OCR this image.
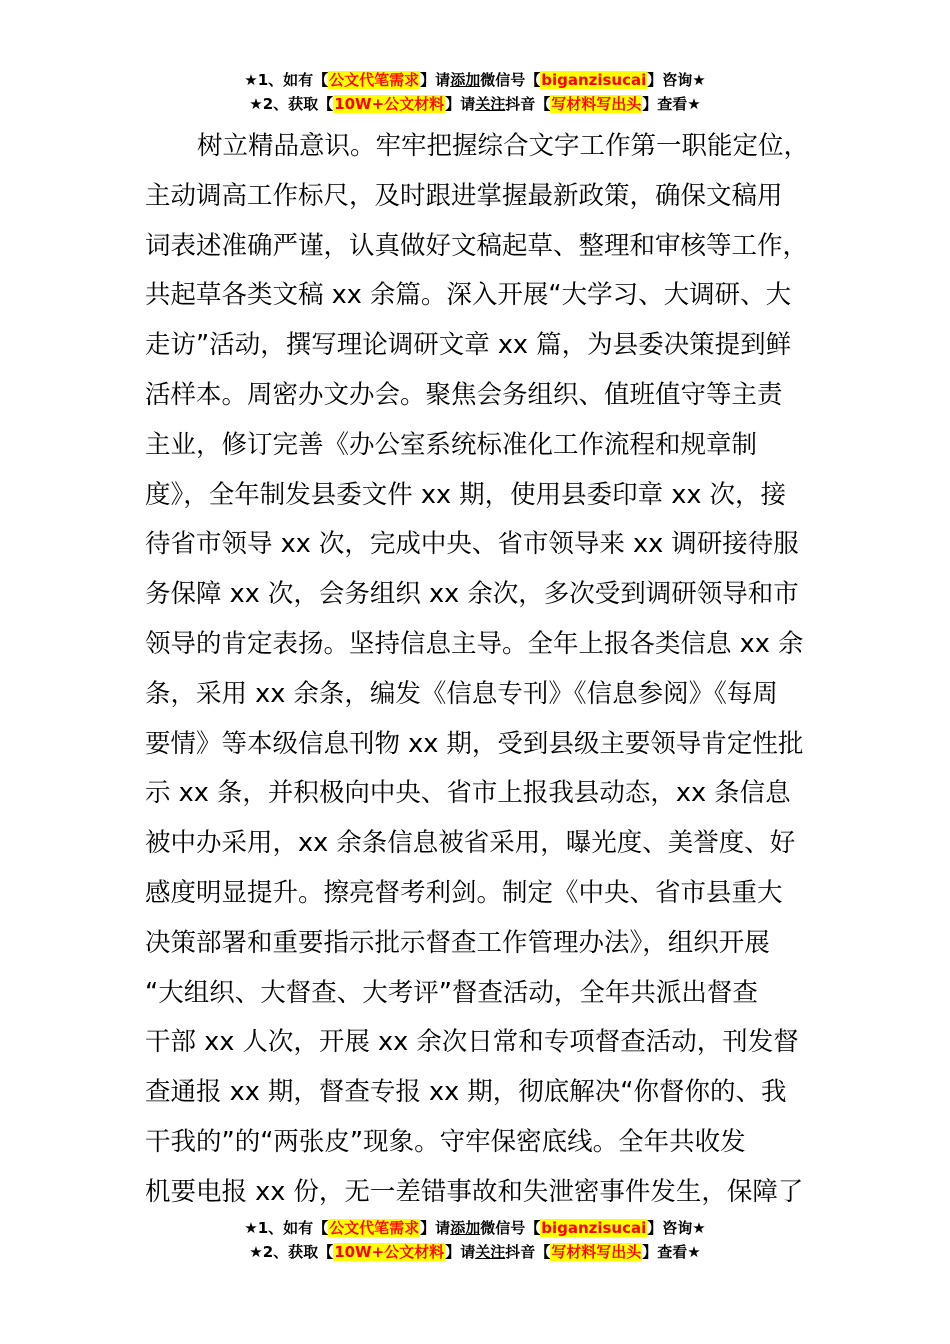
★1、如有【公文代笔需求】请添加微信号【biganzisucai】咨询★
★2、获取【10W+公文材料】请关注抖音【写材料写出头】查看★

树立精品意识。牢牢把握综合文字工作第一职能定位，

主动调高工作标尺，及时跟进掌握最新政策，确保文稿用

词表述准确严谨，认真做好文稿起草、整理和审核等工作，

共起草各类文稿 xx 余篇。深入开展“大学习、大调研、大

走访”活动，撰写理论调研文章 xx 篇，为县委决策提到鲜

活样本。周密办文办会。聚焦会务组织、值班值守等主责

主业，修订完善《办公室系统标准化工作流程和规章制

度》，全年制发县委文件 xx 期，使用县委印章 xx 次，接

待省市领导 xx 次，完成中央、省市领导来 xx 调研接待服

务保障 xx 次，会务组织 xx 余次，多次受到调研领导和市

领导的肯定表扬。坚持信息主导。全年上报各类信息 xx 余

条，采用 xx 余条，编发《信息专刊》《信息参阅》《每周

要情》等本级信息刊物 xx 期，受到县级主要领导肯定性批

示 xx 条，并积极向中央、省市上报我县动态，xx 条信息

被中办采用，xx 余条信息被省采用，曝光度、美誉度、好

感度明显提升。擦亮督考利剑。制定《中央、省市县重大

决策部署和重要指示批示督查工作管理办法》，组织开展

“大组织、大督查、大考评”督查活动，全年共派出督查

干部 xx 人次，开展 xx 余次日常和专项督查活动，刊发督

查通报 xx 期，督查专报 xx 期，彻底解决“你督你的、我

干我的”的“两张皮”现象。守牢保密底线。全年共收发

机要电报 xx 份，无一差错事故和失泄密事件发生，保障了

★1、如有【公文代笔需求】请添加微信号【biganzisucai】咨询★
★2、获取【10W+公文材料】请关注抖音【写材料写出头】查看★
